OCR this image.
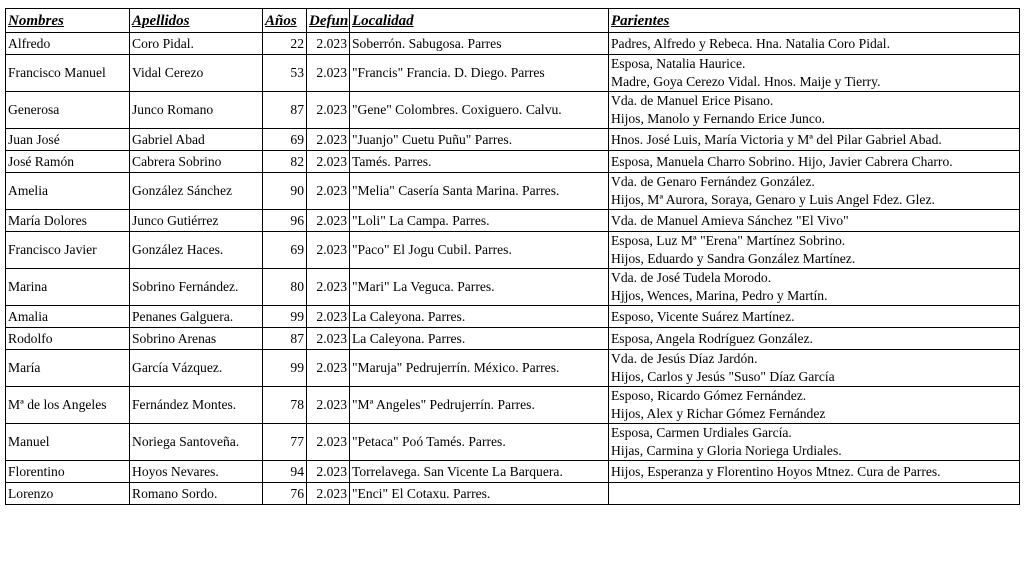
Nombres	Apellidos	Años	Defun	Localidad	Parientes
Alfredo	Coro Pidal.	22	2.023	Soberrón. Sabugosa. Parres	Padres, Alfredo y Rebeca. Hna. Natalia Coro Pidal.

Francisco Manuel	Vidal Cerezo	53	2.023	"Francis" Francia. D. Diego. Parres	Esposa, Natalia Haurice.
Madre, Goya Cerezo Vidal. Hnos. Maije y Tierry.

Generosa	Junco Romano	87	2.023	"Gene" Colombres. Coxiguero. Calvu.	Vda. de Manuel Erice Pisano.
Hijos, Manolo y Fernando Erice Junco.

Juan José	Gabriel Abad	69	2.023	"Juanjo" Cuetu Puñu" Parres.	Hnos. José Luis, María Victoria y Mª del Pilar Gabriel Abad.

José Ramón	Cabrera Sobrino	82	2.023	Tamés. Parres.	Esposa, Manuela Charro Sobrino. Hijo, Javier Cabrera Charro.

Amelia	González Sánchez	90	2.023	"Melia" Casería Santa Marina. Parres.	Vda. de Genaro Fernández González.
Hijos, Mª Aurora, Soraya, Genaro y Luis Angel Fdez. Glez.

María Dolores	Junco Gutiérrez	96	2.023	"Loli" La Campa. Parres.	Vda. de Manuel Amieva Sánchez "El Vivo"

Francisco Javier	González Haces.	69	2.023	"Paco" El Jogu Cubil. Parres.	Esposa, Luz Mª "Erena" Martínez Sobrino.
Hijos, Eduardo y Sandra González Martínez.

Marina	Sobrino Fernández.	80	2.023	"Mari" La Veguca. Parres.	Vda. de José Tudela Morodo.
Hjjos, Wences, Marina, Pedro y Martín.

Amalia	Penanes Galguera.	99	2.023	La Caleyona. Parres.	Esposo, Vicente Suárez Martínez.

Rodolfo	Sobrino Arenas	87	2.023	La Caleyona. Parres.	Esposa, Angela Rodríguez González.

María	García Vázquez.	99	2.023	"Maruja" Pedrujerrín. México. Parres.	Vda. de Jesús Díaz Jardón.
Hijos, Carlos y Jesús "Suso" Díaz García

Mª de los Angeles	Fernández Montes.	78	2.023	"Mª Angeles" Pedrujerrín. Parres.	Esposo, Ricardo Gómez Fernández.
Hijos, Alex y Richar Gómez Fernández

Manuel	Noriega Santoveña.	77	2.023	"Petaca" Poó Tamés. Parres.	Esposa, Carmen Urdiales García.
Hijas, Carmina y Gloria Noriega Urdiales.

Florentino	Hoyos Nevares.	94	2.023	Torrelavega. San Vicente La Barquera.	Hijos, Esperanza y Florentino Hoyos Mtnez. Cura de Parres.

Lorenzo	Romano Sordo.	76	2.023	"Enci" El Cotaxu. Parres.	
